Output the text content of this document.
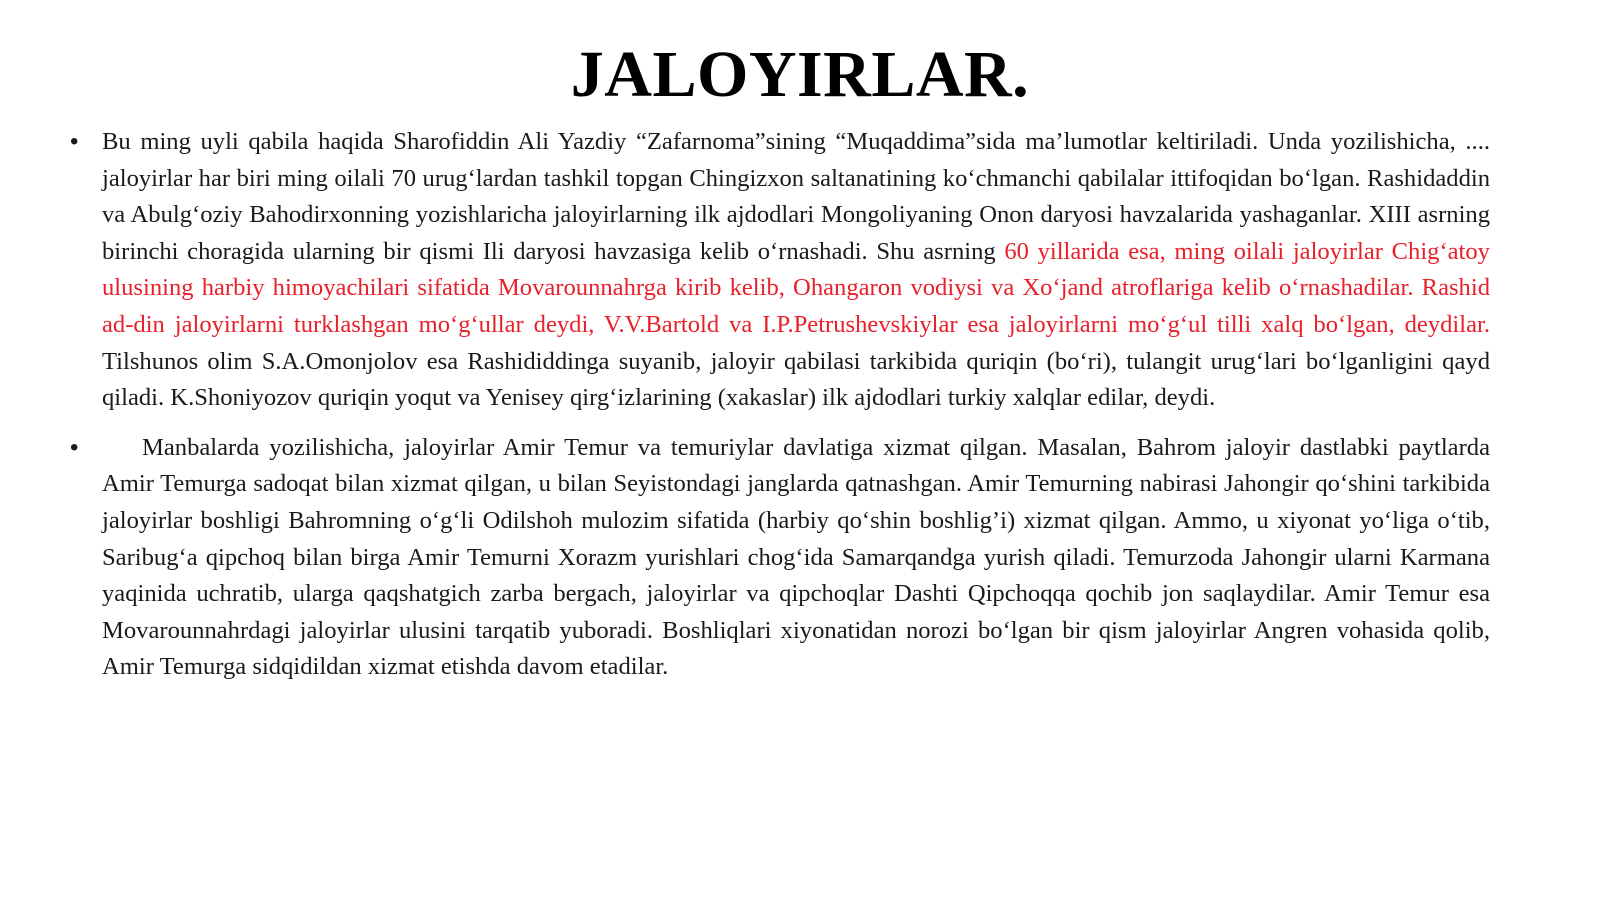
JALOYIRLAR.
• Bu ming uyli qabila haqida Sharofiddin Ali Yazdiy “Zafarnoma”sining “Muqaddima”sida ma’lumotlar keltiriladi. Unda yozilishicha, .... jaloyirlar har biri ming oilali 70 urug‘lardan tashkil topgan Chingizxon saltanatining ko‘chmanchi qabilalar ittifoqidan bo‘lgan. Rashidaddin va Abulg‘oziy Bahodirxonning yozishlaricha jaloyirlarning ilk ajdodlari Mongoliyaning Onon daryosi havzalarida yashaganlar. XIII asrning birinchi choragida ularning bir qismi Ili daryosi havzasiga kelib o‘rnashadi. Shu asrning 60 yillarida esa, ming oilali jaloyirlar Chig‘atoy ulusining harbiy himoyachilari sifatida Movarounnahrga kirib kelib, Ohangaron vodiysi va Xo‘jand atroflariga kelib o‘rnashadilar. Rashid ad-din jaloyirlarni turklashgan mo‘g‘ullar deydi, V.V.Bartold va I.P.Petrushevskiylar esa jaloyirlarni mo‘g‘ul tilli xalq bo‘lgan, deydilar. Tilshunos olim S.A.Omonjolov esa Rashididdinga suyanib, jaloyir qabilasi tarkibida quriqin (bo‘ri), tulangit urug‘lari bo‘lganligini qayd qiladi. K.Shoniyozov quriqin yoqut va Yenisey qirg‘izlarining (xakaslar) ilk ajdodlari turkiy xalqlar edilar, deydi.
•	Manbalarda yozilishicha, jaloyirlar Amir Temur va temuriylar davlatiga xizmat qilgan. Masalan, Bahrom jaloyir dastlabki paytlarda Amir Temurga sadoqat bilan xizmat qilgan, u bilan Seyistondagi janglarda qatnashgan. Amir Temurning nabirasi Jahongir qo‘shini tarkibida jaloyirlar boshligi Bahromning o‘g‘li Odilshoh mulozim sifatida (harbiy qo‘shin boshlig’i) xizmat qilgan. Ammo, u xiyonat yo‘liga o‘tib, Saribug‘a qipchoq bilan birga Amir Temurni Xorazm yurishlari chog‘ida Samarqandga yurish qiladi. Temurzoda Jahongir ularni Karmana yaqinida uchratib, ularga qaqshatgich zarba bergach, jaloyirlar va qipchoqlar Dashti Qipchoqqa qochib jon saqlaydilar. Amir Temur esa Movarounnahrdagi jaloyirlar ulusini tarqatib yuboradi. Boshliqlari xiyonatidan norozi bo‘lgan bir qism jaloyirlar Angren vohasida qolib, Amir Temurga sidqidildan xizmat etishda davom etadilar.
